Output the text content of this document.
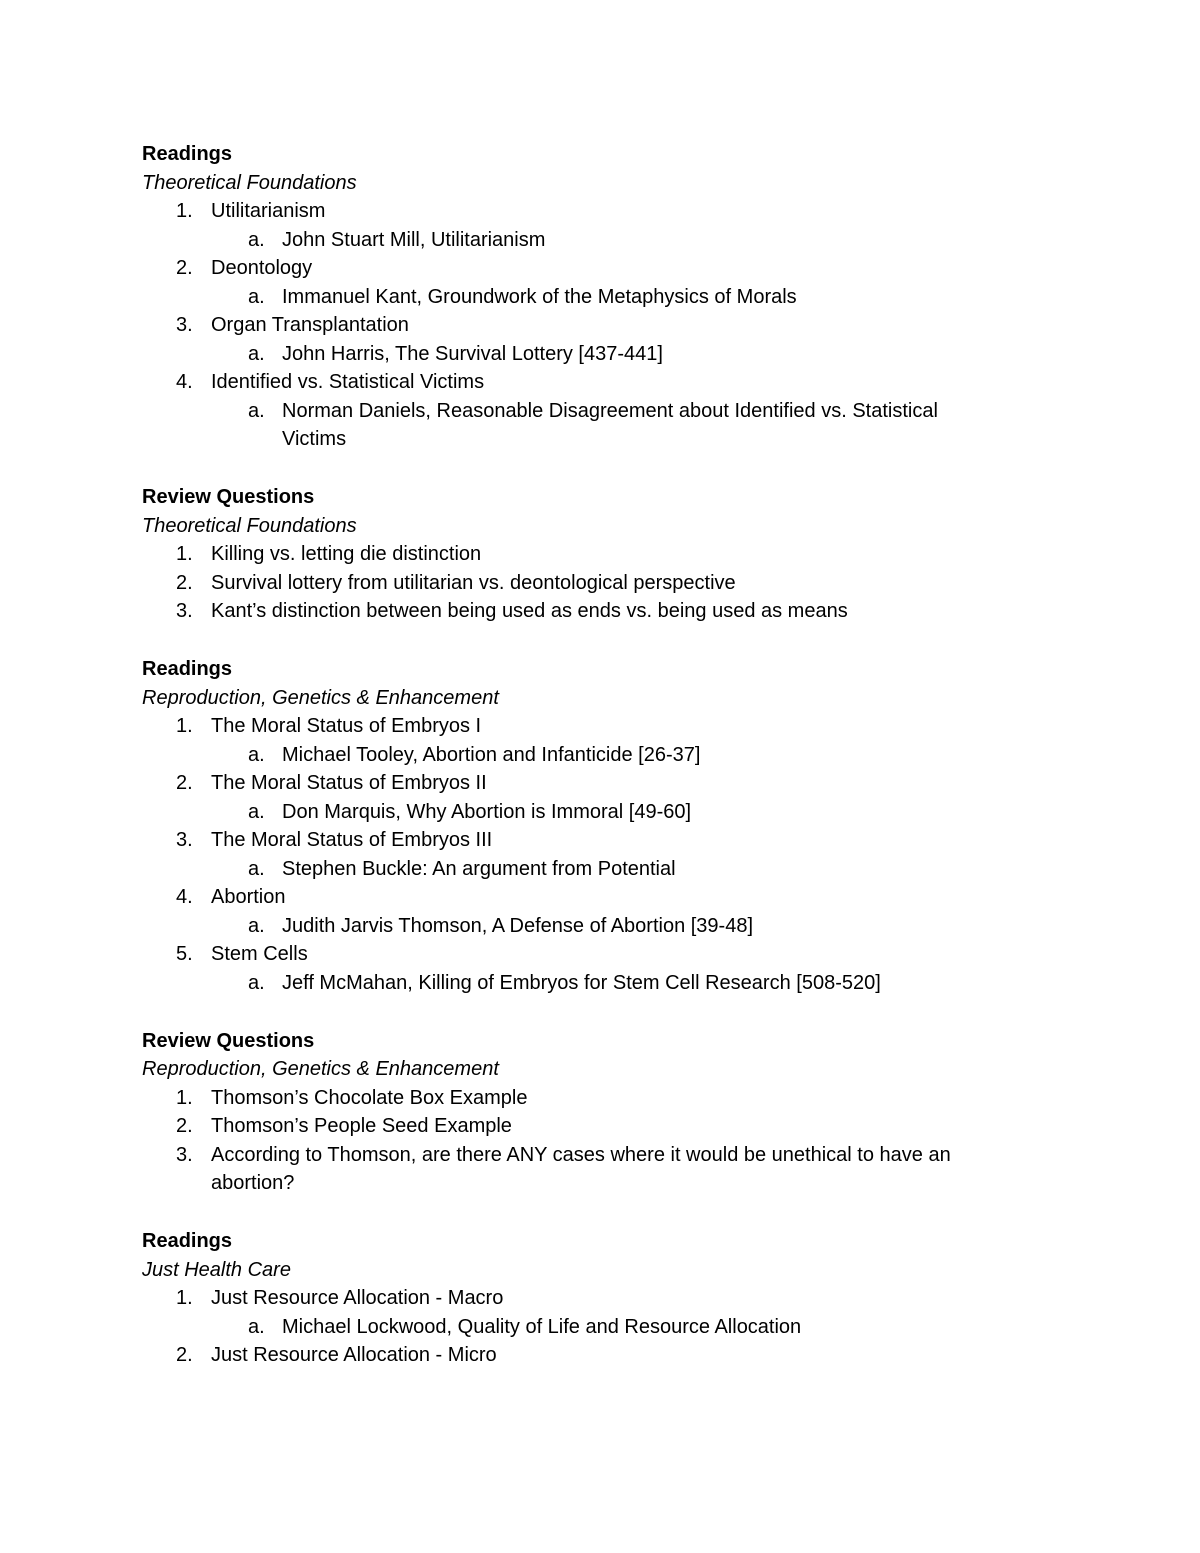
Readings
Theoretical Foundations
1. Utilitarianism
a. John Stuart Mill, Utilitarianism
2. Deontology
a. Immanuel Kant, Groundwork of the Metaphysics of Morals
3. Organ Transplantation
a. John Harris, The Survival Lottery [437-441]
4. Identified vs. Statistical Victims
a. Norman Daniels, Reasonable Disagreement about Identified vs. Statistical Victims
Review Questions
Theoretical Foundations
1. Killing vs. letting die distinction
2. Survival lottery from utilitarian vs. deontological perspective
3. Kant’s distinction between being used as ends vs. being used as means
Readings
Reproduction, Genetics & Enhancement
1. The Moral Status of Embryos I
a. Michael Tooley, Abortion and Infanticide [26-37]
2. The Moral Status of Embryos II
a. Don Marquis, Why Abortion is Immoral [49-60]
3. The Moral Status of Embryos III
a. Stephen Buckle: An argument from Potential
4. Abortion
a. Judith Jarvis Thomson, A Defense of Abortion [39-48]
5. Stem Cells
a. Jeff McMahan, Killing of Embryos for Stem Cell Research [508-520]
Review Questions
Reproduction, Genetics & Enhancement
1. Thomson’s Chocolate Box Example
2. Thomson’s People Seed Example
3. According to Thomson, are there ANY cases where it would be unethical to have an abortion?
Readings
Just Health Care
1. Just Resource Allocation - Macro
a. Michael Lockwood, Quality of Life and Resource Allocation
2. Just Resource Allocation - Micro
